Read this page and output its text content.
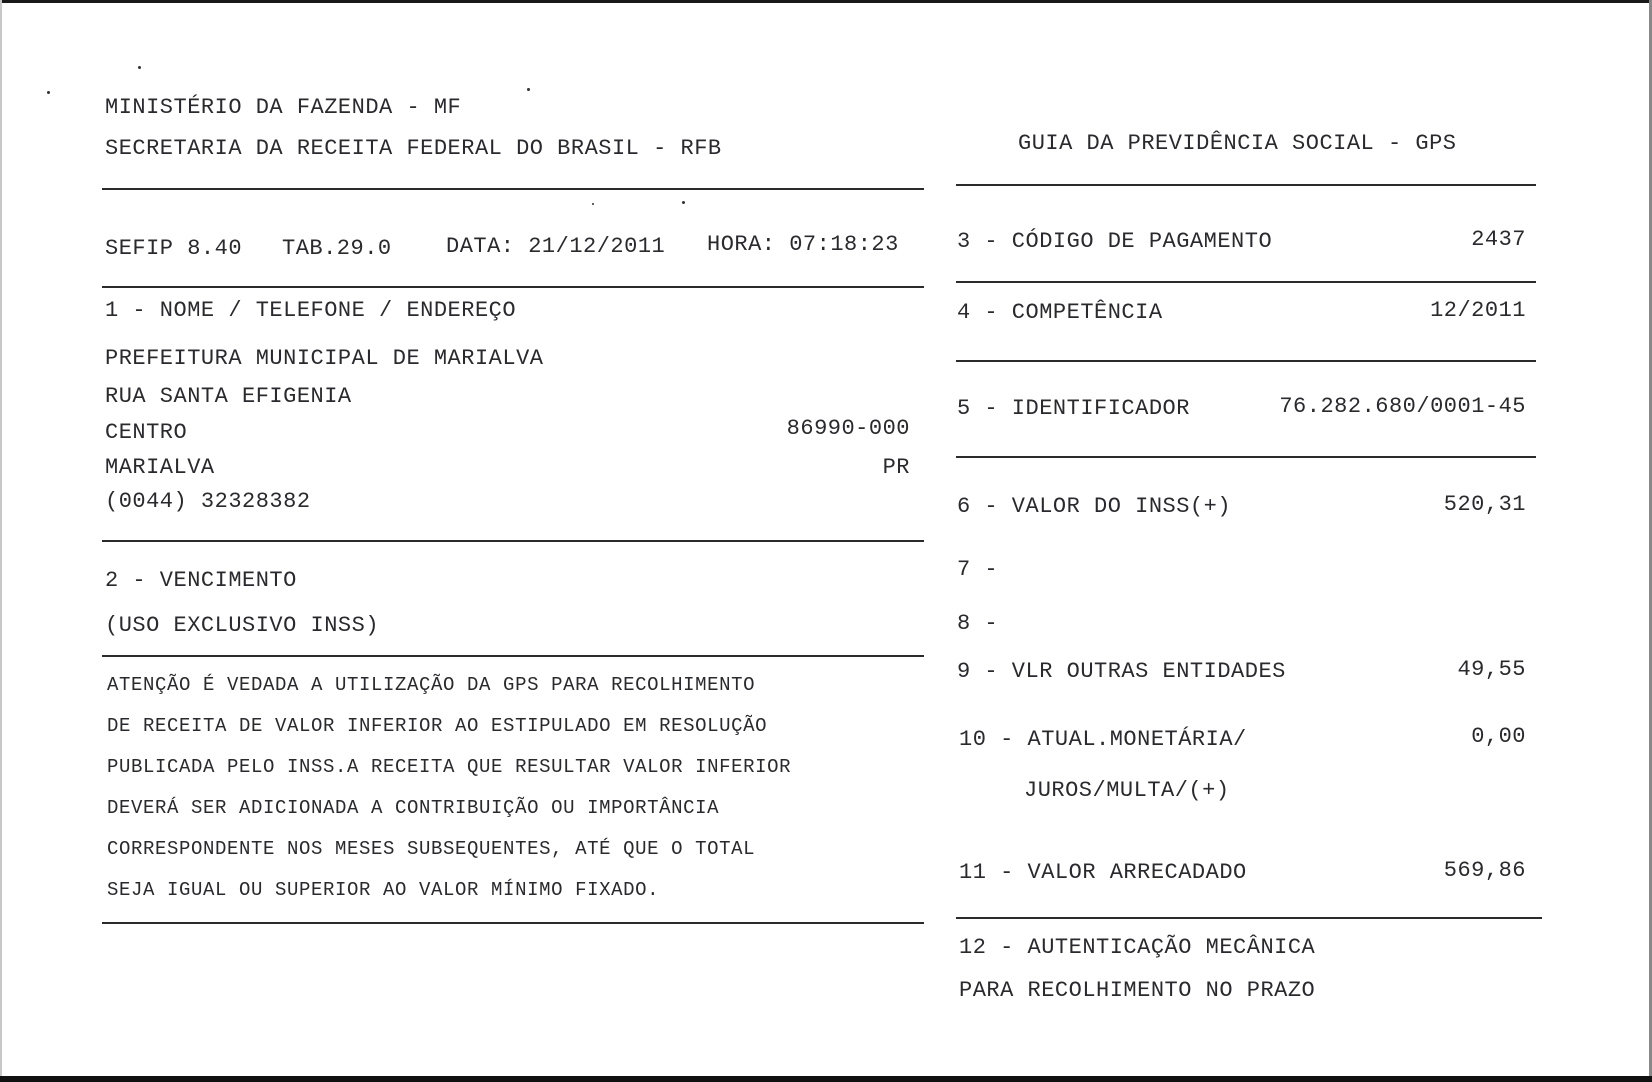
MINISTÉRIO DA FAZENDA - MF
SECRETARIA DA RECEITA FEDERAL DO BRASIL - RFB	GUIA DA PREVIDÊNCIA SOCIAL - GPS
SEFIP 8.40 TAB.29.0 DATA: 21/12/2011 HORA: 07:18:23	3 - CÓDIGO DE PAGAMENTO	2437
1 - NOME / TELEFONE / ENDEREÇO
PREFEITURA MUNICIPAL DE MARIALVA
RUA SANTA EFIGENIA
CENTRO	86990-000
MARIALVA	PR
(0044) 32328382
4 - COMPETÊNCIA	12/2011
5 - IDENTIFICADOR	76.282.680/0001-45
6 - VALOR DO INSS(+)	520,31
7 -
8 -
2 - VENCIMENTO
(USO EXCLUSIVO INSS)
9 - VLR OUTRAS ENTIDADES	49,55
ATENÇÃO É VEDADA A UTILIZAÇÃO DA GPS PARA RECOLHIMENTO
DE RECEITA DE VALOR INFERIOR AO ESTIPULADO EM RESOLUÇÃO
PUBLICADA PELO INSS.A RECEITA QUE RESULTAR VALOR INFERIOR
DEVERÁ SER ADICIONADA A CONTRIBUIÇÃO OU IMPORTÂNCIA
CORRESPONDENTE NOS MESES SUBSEQUENTES, ATÉ QUE O TOTAL
SEJA IGUAL OU SUPERIOR AO VALOR MÍNIMO FIXADO.
10 - ATUAL.MONETÁRIA/	0,00
JUROS/MULTA/(+)
11 - VALOR ARRECADADO	569,86
12 - AUTENTICAÇÃO MECÂNICA
PARA RECOLHIMENTO NO PRAZO
